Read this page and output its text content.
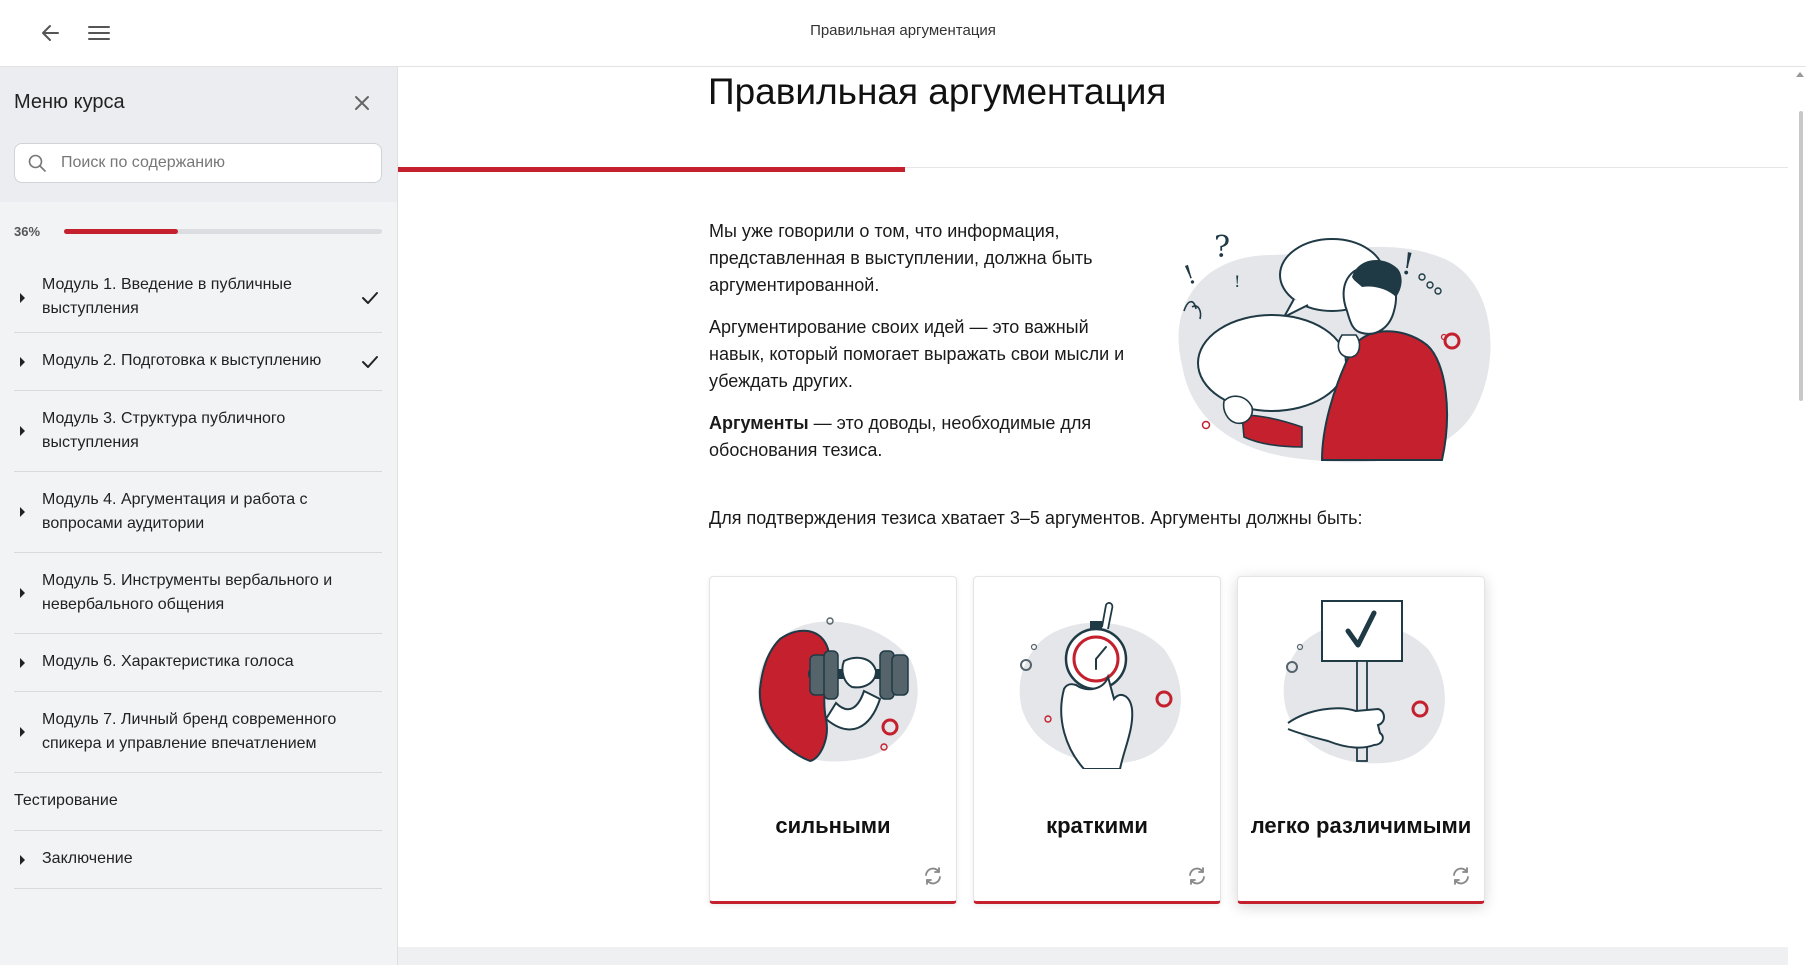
Правильная аргументация
Меню курса
Поиск по содержанию
36%
Модуль 1. Введение в публичные выступления
Модуль 2. Подготовка к выступлению
Модуль 3. Структура публичного выступления
Модуль 4. Аргументация и работа с вопросами аудитории
Модуль 5. Инструменты вербального и невербального общения
Модуль 6. Характеристика голоса
Модуль 7. Личный бренд современного спикера и управление впечатлением
Тестирование
Заключение
Правильная аргументация

Мы уже говорили о том, что информация, представленная в выступлении, должна быть аргументированной.

Аргументирование своих идей — это важный навык, который помогает выражать свои мысли и убеждать других.

Аргументы — это доводы, необходимые для обоснования тезиса.

?
! !	!

Для подтверждения тезиса хватает 3–5 аргументов. Аргументы должны быть:

сильными	краткими	легко различимыми
